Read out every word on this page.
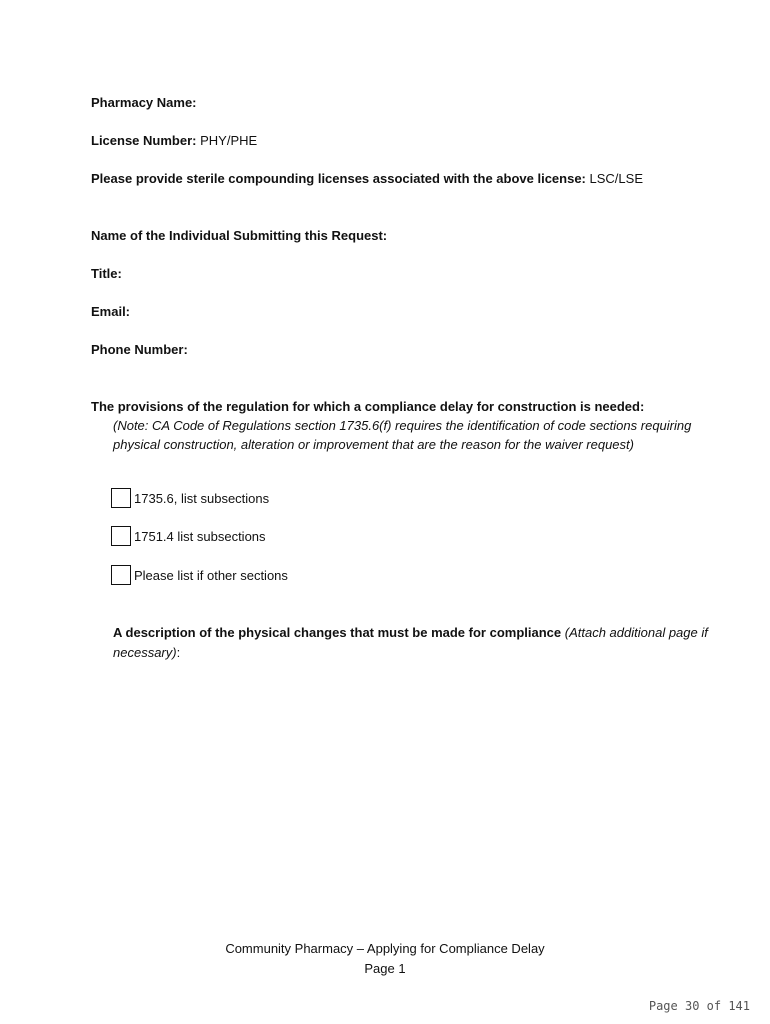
Pharmacy Name:
License Number: PHY/PHE
Please provide sterile compounding licenses associated with the above license: LSC/LSE
Name of the Individual Submitting this Request:
Title:
Email:
Phone Number:
The provisions of the regulation for which a compliance delay for construction is needed:
(Note: CA Code of Regulations section 1735.6(f) requires the identification of code sections requiring physical construction, alteration or improvement that are the reason for the waiver request)
1735.6, list subsections
1751.4 list subsections
Please list if other sections
A description of the physical changes that must be made for compliance (Attach additional page if necessary):
Community Pharmacy – Applying for Compliance Delay
Page 1
Page 30 of 141
